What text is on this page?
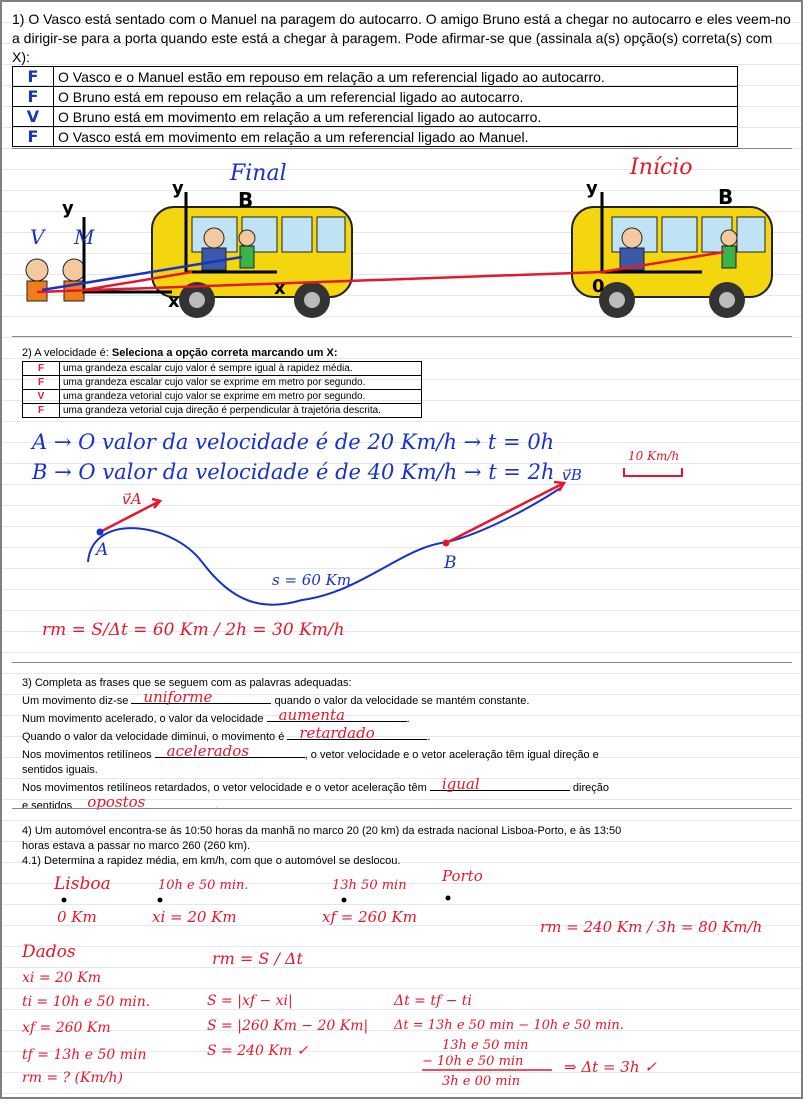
1) O Vasco está sentado com o Manuel na paragem do autocarro. O amigo Bruno está a chegar no autocarro e eles veem-no a dirigir-se para a porta quando este está a chegar à paragem. Pode afirmar-se que (assinala a(s) opção(s) correta(s) com X):

F	O Vasco e o Manuel estão em repouso em relação a um referencial ligado ao autocarro.
F	O Bruno está em repouso em relação a um referencial ligado ao autocarro.
V	O Bruno está em movimento em relação a um referencial ligado ao autocarro.
F	O Vasco está em movimento em relação a um referencial ligado ao Manuel.
Final	Início
V M
B	B
y
y	y
x
x
0
2) A velocidade é: Seleciona a opção correta marcando um X:
F	uma grandeza escalar cujo valor é sempre igual à rapidez média.
F	uma grandeza escalar cujo valor se exprime em metro por segundo.
V	uma grandeza vetorial cujo valor se exprime em metro por segundo.
F	uma grandeza vetorial cuja direção é perpendicular à trajetória descrita.
A → O valor da velocidade é de 20 Km/h → t = 0h
B → O valor da velocidade é de 40 Km/h → t = 2h
10 Km/h
v⃗A
v⃗B
A
B
s = 60 Km
rm = S/Δt = 60 Km / 2h = 30 Km/h

3) Completa as frases que se seguem com as palavras adequadas:

Um movimento diz-se uniforme	quando o valor da velocidade se mantém constante.

Num movimento acelerado, o valor da velocidade aumenta	.

Quando o valor da velocidade diminui, o movimento é retardado	.

Nos movimentos retilíneos acelerados	, o vetor velocidade e o vetor aceleração têm igual direção e sentidos iguais.

Nos movimentos retilíneos retardados, o vetor velocidade e o vetor aceleração têm igual	direção

e sentidos opostos	.

4) Um automóvel encontra-se às 10:50 horas da manhã no marco 20 (20 km) da estrada nacional Lisboa-Porto, e às 13:50 horas estava a passar no marco 260 (260 km).

4.1) Determina a rapidez média, em km/h, com que o automóvel se deslocou.

Lisboa	10h e 50 min.	13h 50 min
Porto
0 Km	xi = 20 Km	xf = 260 Km
rm = 240 Km / 3h = 80 Km/h
Dados
xi = 20 Km
ti = 10h e 50 min.
xf = 260 Km
tf = 13h e 50 min
rm = ? (Km/h)
rm = S / Δt
S = |xf − xi|
S = |260 Km − 20 Km|
S = 240 Km ✓
Δt = tf − ti
Δt = 13h e 50 min − 10h e 50 min.
13h e 50 min
− 10h e 50 min
3h e 00 min
⇒ Δt = 3h ✓
